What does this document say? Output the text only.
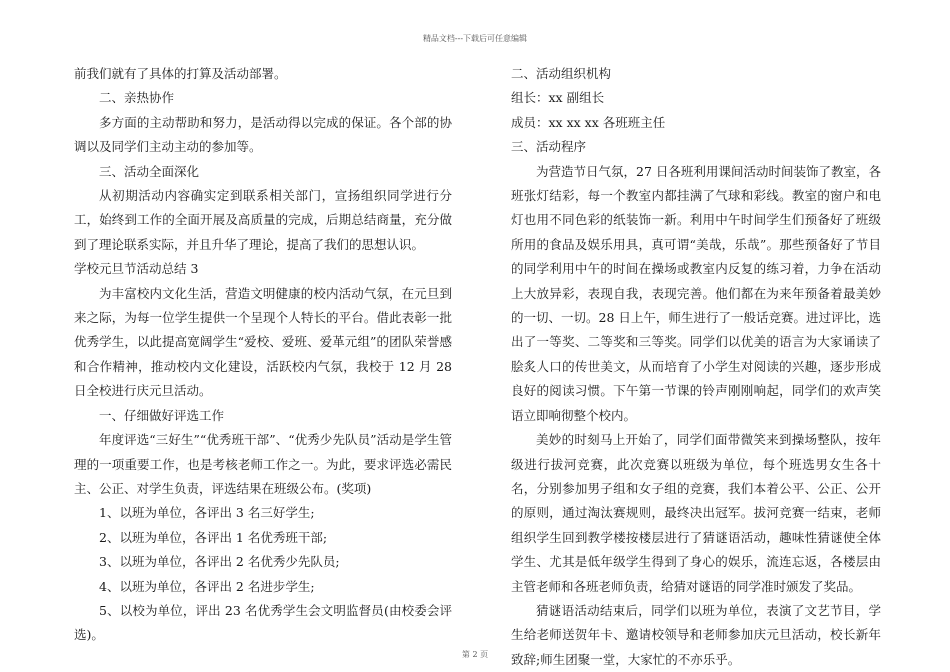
精品文档---下载后可任意编辑

前我们就有了具体的打算及活动部署。

二、亲热协作

多方面的主动帮助和努力，是活动得以完成的保证。各个部的协调以及同学们主动主动的参加等。

三、活动全面深化

从初期活动内容确实定到联系相关部门，宣扬组织同学进行分工，始终到工作的全面开展及高质量的完成，后期总结商量，充分做到了理论联系实际，并且升华了理论，提高了我们的思想认识。

学校元旦节活动总结 3

为丰富校内文化生活，营造文明健康的校内活动气氛，在元旦到来之际，为每一位学生提供一个呈现个人特长的平台。借此表彰一批优秀学生，以此提高宽阔学生“爱校、爱班、爱革元组”的团队荣誉感和合作精神，推动校内文化建设，活跃校内气氛，我校于 12 月 28 日全校进行庆元旦活动。

一、仔细做好评选工作

年度评选“三好生”“优秀班干部”、“优秀少先队员”活动是学生管理的一项重要工作，也是考核老师工作之一。为此，要求评选必需民主、公正、对学生负责，评选结果在班级公布。(奖项)

1、以班为单位，各评出 3 名三好学生;

2、以班为单位，各评出 1 名优秀班干部;

3、以班为单位，各评出 2 名优秀少先队员;

4、以班为单位，各评出 2 名进步学生;

5、以校为单位，评出 23 名优秀学生会文明监督员(由校委会评选)。

二、活动组织机构

组长：xx 副组长

成员：xx xx xx 各班班主任

三、活动程序

为营造节日气氛，27 日各班利用课间活动时间装饰了教室，各班张灯结彩，每一个教室内都挂满了气球和彩线。教室的窗户和电灯也用不同色彩的纸装饰一新。利用中午时间学生们预备好了班级所用的食品及娱乐用具，真可谓“美哉，乐哉”。那些预备好了节目的同学利用中午的时间在操场或教室内反复的练习着，力争在活动上大放异彩，表现自我，表现完善。他们都在为来年预备着最美妙的一切、一切。28 日上午，师生进行了一般话竞赛。进过评比，选出了一等奖、二等奖和三等奖。同学们以优美的语言为大家诵读了脍炙人口的传世美文，从而培育了小学生对阅读的兴趣，逐步形成良好的阅读习惯。下午第一节课的铃声刚刚响起，同学们的欢声笑语立即响彻整个校内。

美妙的时刻马上开始了，同学们面带微笑来到操场整队，按年级进行拔河竞赛，此次竞赛以班级为单位，每个班选男女生各十名，分别参加男子组和女子组的竞赛，我们本着公平、公正、公开的原则，通过淘汰赛规则，最终决出冠军。拔河竞赛一结束，老师组织学生回到教学楼按楼层进行了猜谜语活动，趣味性猜谜使全体学生、尤其是低年级学生得到了身心的娱乐，流连忘返，各楼层由主管老师和各班老师负责，给猜对谜语的同学准时颁发了奖品。

猜谜语活动结束后，同学们以班为单位，表演了文艺节目，学生给老师送贺年卡、邀请校领导和老师参加庆元旦活动，校长新年致辞;师生团聚一堂，大家忙的不亦乐乎。

第 2 页
